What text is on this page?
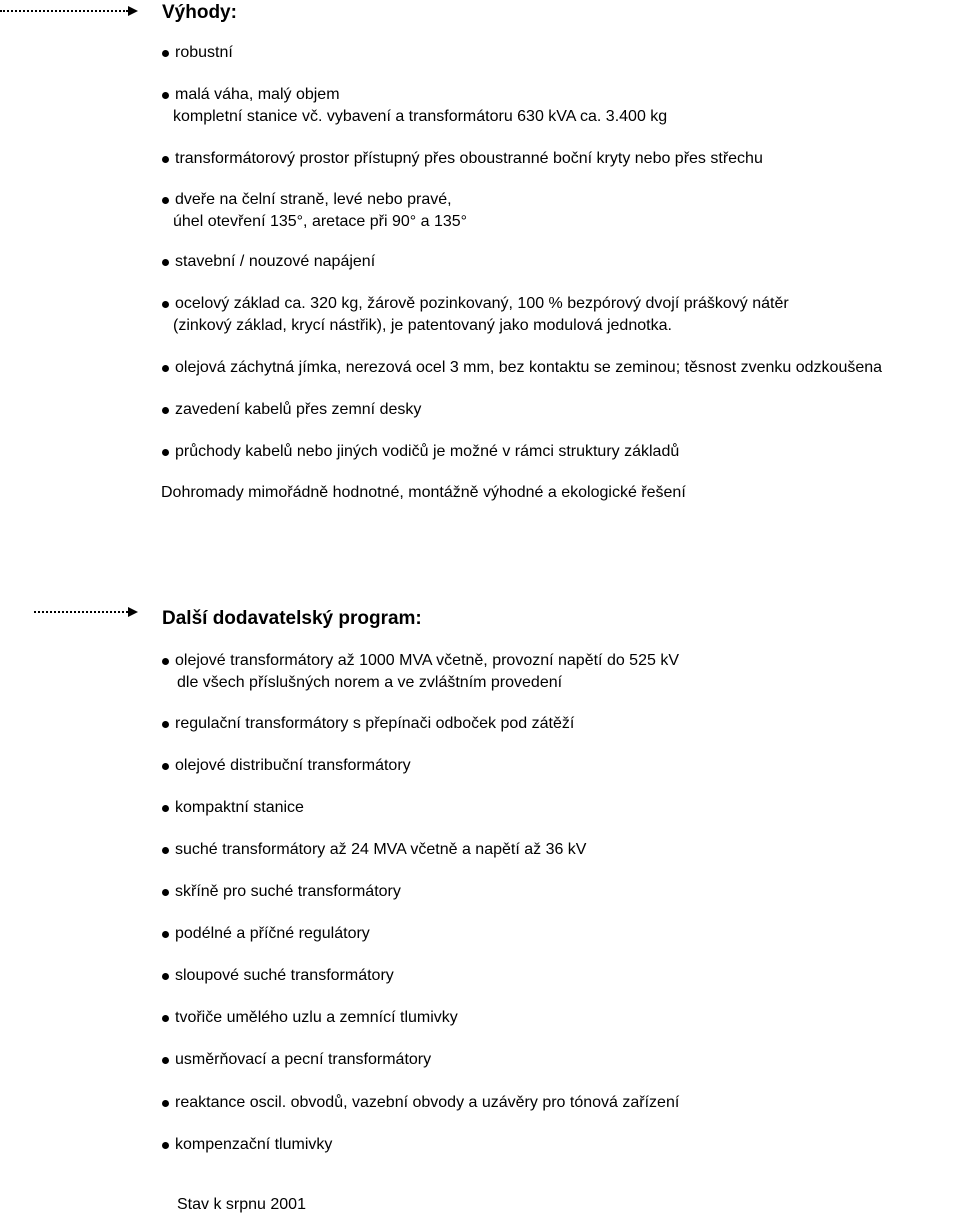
Výhody:
robustní
malá váha, malý objem
kompletní stanice vč. vybavení a transformátoru 630 kVA ca. 3.400 kg
transformátorový prostor přístupný přes oboustranné boční kryty nebo přes střechu
dveře na čelní straně, levé nebo pravé,
úhel otevření 135°, aretace při 90° a 135°
stavební / nouzové napájení
ocelový základ ca. 320 kg, žárově pozinkovaný, 100 % bezpórový dvojí práškový nátěr
(zinkový základ, krycí nástřik), je patentovaný jako modulová jednotka.
olejová záchytná jímka, nerezová ocel 3 mm, bez kontaktu se zeminou; těsnost zvenku odzkoušena
zavedení kabelů přes zemní desky
průchody kabelů nebo jiných vodičů je možné v rámci struktury základů
Dohromady mimořádně hodnotné, montážně výhodné a ekologické řešení
Další dodavatelský program:
olejové transformátory až 1000 MVA včetně, provozní napětí do 525 kV
dle všech příslušných norem a ve zvláštním provedení
regulační transformátory s přepínači odboček pod zátěží
olejové distribuční transformátory
kompaktní stanice
suché transformátory až 24 MVA včetně a napětí až 36 kV
skříně pro suché transformátory
podélné a příčné regulátory
sloupové suché transformátory
tvořiče umělého uzlu a zemnící tlumivky
usměrňovací a pecní transformátory
reaktance oscil. obvodů, vazební obvody a uzávěry pro tónová zařízení
kompenzační tlumivky
Stav k srpnu 2001
